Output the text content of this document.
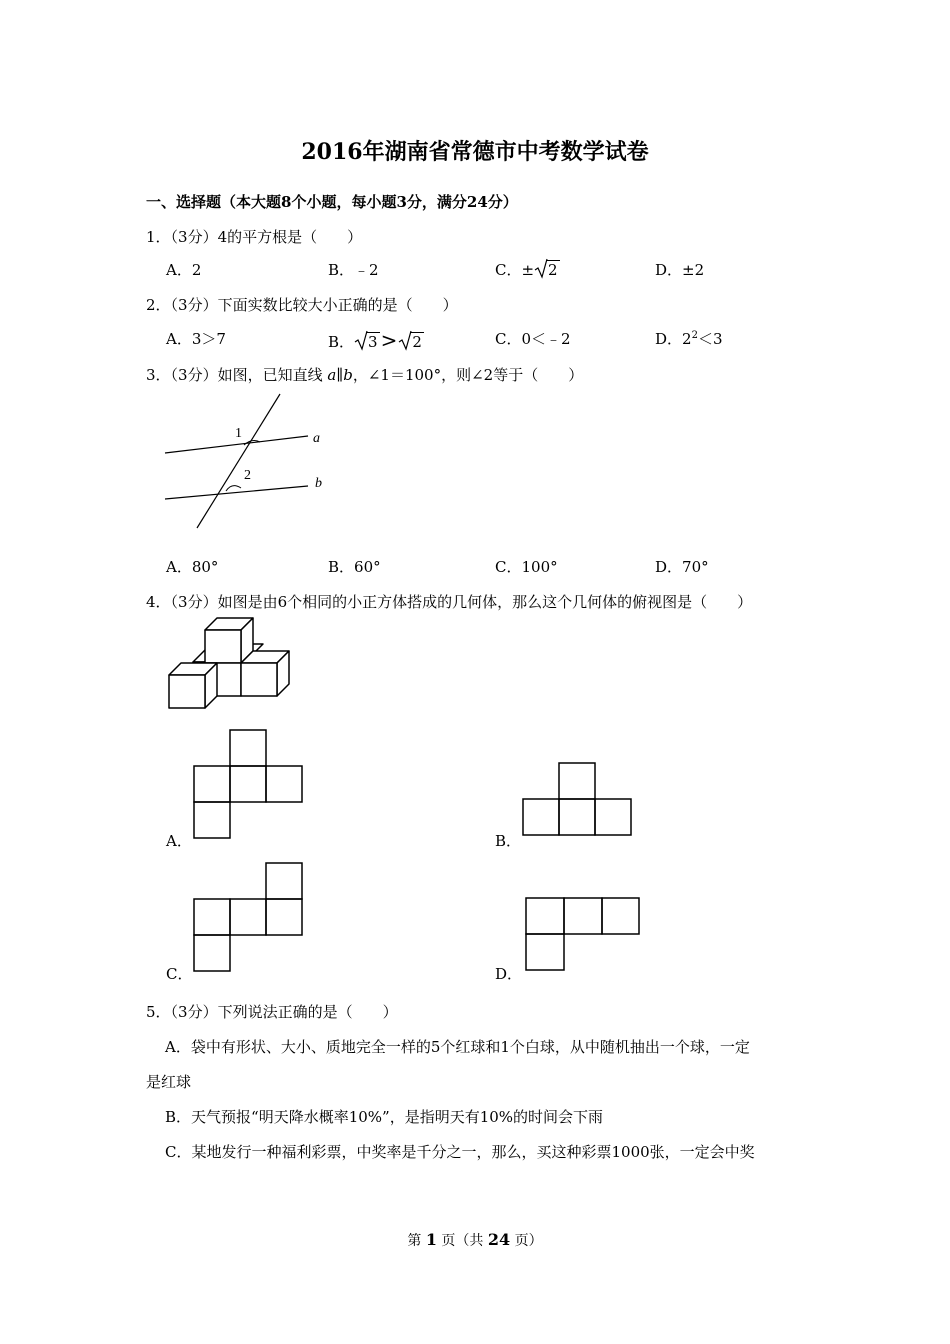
2016年湖南省常德市中考数学试卷
一、选择题（本大题8个小题，每小题3分，满分24分）
1．（3分）4的平方根是（　　）
A．2	B．﹣2	C．± 2	D．±2
2．（3分）下面实数比较大小正确的是（　　）
A．3＞7	B． 3 > 2	C．0＜﹣2	D．$2^2<3$
3．（3分）如图，已知直线 a∥b，∠1＝100°，则∠2等于（　　）
1
2
a
b
A．80°	B．60°	C．100°	D．70°
4．（3分）如图是由6个相同的小正方体搭成的几何体，那么这个几何体的俯视图是（　　）
A．	B．
C．	D．
5．（3分）下列说法正确的是（　　）
A．袋中有形状、大小、质地完全一样的5个红球和1个白球，从中随机抽出一个球，一定
是红球
B．天气预报“明天降水概率10%”，是指明天有10%的时间会下雨
C．某地发行一种福利彩票，中奖率是千分之一，那么，买这种彩票1000张，一定会中奖
第 1 页（共 24 页）
